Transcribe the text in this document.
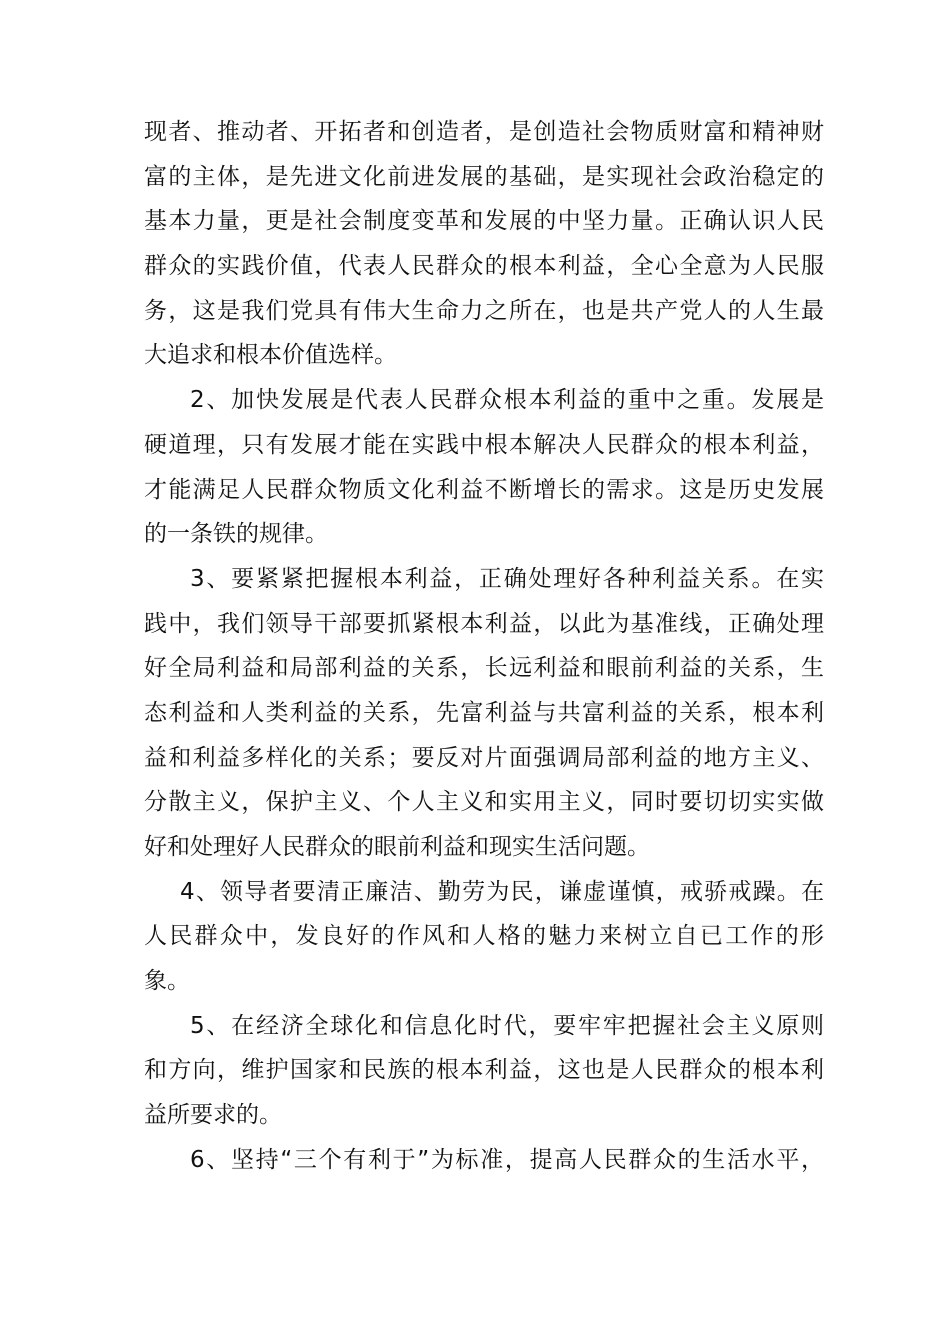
现者、推动者、开拓者和创造者，是创造社会物质财富和精神财
富的主体，是先进文化前进发展的基础，是实现社会政治稳定的
基本力量，更是社会制度变革和发展的中坚力量。正确认识人民
群众的实践价值，代表人民群众的根本利益，全心全意为人民服
务，这是我们党具有伟大生命力之所在，也是共产党人的人生最
大追求和根本价值选样。
2、加快发展是代表人民群众根本利益的重中之重。发展是
硬道理，只有发展才能在实践中根本解决人民群众的根本利益，
才能满足人民群众物质文化利益不断增长的需求。这是历史发展
的一条铁的规律。
3、要紧紧把握根本利益，正确处理好各种利益关系。在实
践中，我们领导干部要抓紧根本利益，以此为基准线，正确处理
好全局利益和局部利益的关系，长远利益和眼前利益的关系，生
态利益和人类利益的关系，先富利益与共富利益的关系，根本利
益和利益多样化的关系；要反对片面强调局部利益的地方主义、
分散主义，保护主义、个人主义和实用主义，同时要切切实实做
好和处理好人民群众的眼前利益和现实生活问题。
4、领导者要清正廉洁、勤劳为民，谦虚谨慎，戒骄戒躁。在
人民群众中，发良好的作风和人格的魅力来树立自已工作的形
象。
5、在经济全球化和信息化时代，要牢牢把握社会主义原则
和方向，维护国家和民族的根本利益，这也是人民群众的根本利
益所要求的。
6、坚持“三个有利于”为标准，提高人民群众的生活水平，
